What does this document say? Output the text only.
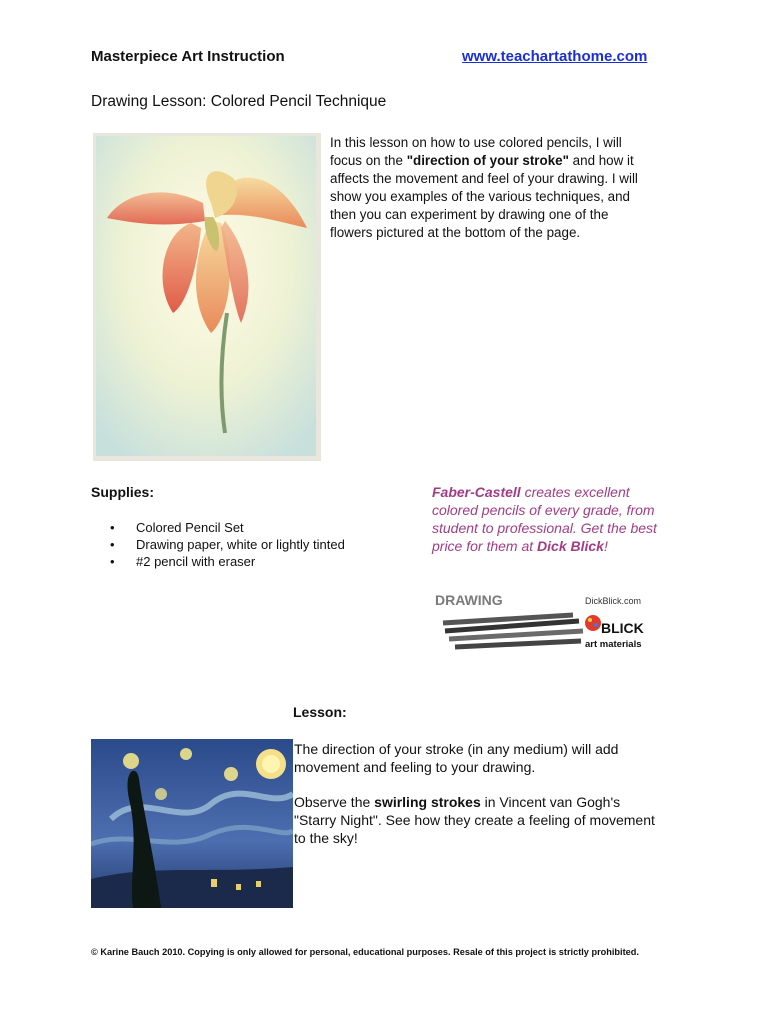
Masterpiece Art Instruction	www.teachartathome.com
Drawing Lesson: Colored Pencil Technique
In this lesson on how to use colored pencils, I will focus on the "direction of your stroke" and how it affects the movement and feel of your drawing. I will show you examples of the various techniques, and then you can experiment by drawing one of the flowers pictured at the bottom of the page.
Supplies:
• Colored Pencil Set
• Drawing paper, white or lightly tinted
• #2 pencil with eraser
Faber-Castell creates excellent colored pencils of every grade, from student to professional. Get the best price for them at Dick Blick!
DRAWING	DickBlick.com
BLICK
art materials
Lesson:
The direction of your stroke (in any medium) will add movement and feeling to your drawing.
Observe the swirling strokes in Vincent van Gogh's "Starry Night". See how they create a feeling of movement to the sky!
© Karine Bauch 2010. Copying is only allowed for personal, educational purposes. Resale of this project is strictly prohibited.
